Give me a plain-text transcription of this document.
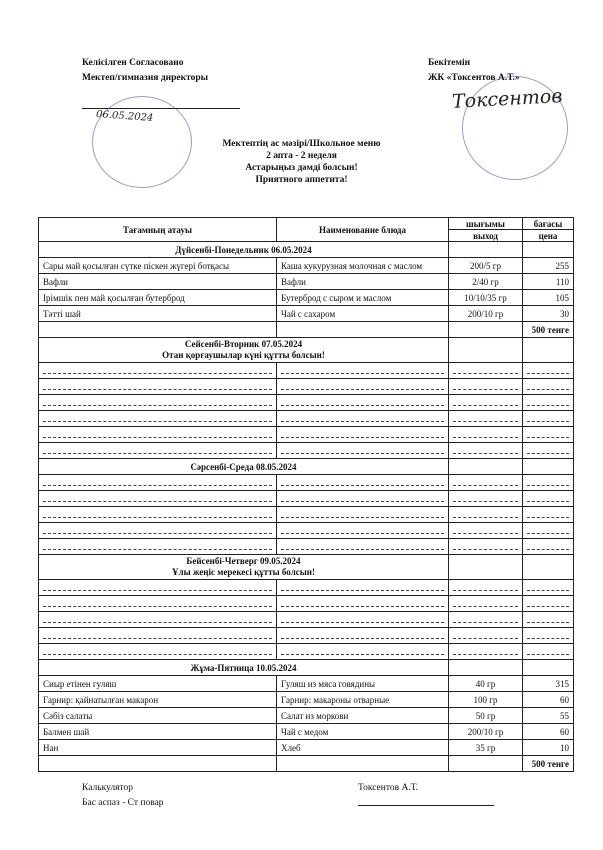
Келісілген Согласовано
Мектеп/гимназия директоры
06.05.2024
Бекітемін
ЖК «Токсентов А.Т.»
Токсентов
Мектептің ас мәзірі/Школьное меню
2 апта - 2 неделя
Астарыңыз дәмді болсын!
Приятного аппетита!
Тағамның атауы	Наименование блюда	шығымы	бағасы
		выход	цена
Дүйсенбі-Понедельник 06.05.2024			
Сары май қосылған сүтке піскен жүгері ботқасы	Каша кукурузная молочная с маслом	200/5 гр	255
Вафли	Вафли	2/40 гр	110
Ірімшік пен май қосылған бутерброд	Бутерброд с сыром и маслом	10/10/35 гр	105
Тәтті шай	Чай с сахаром	200/10 гр	30
			500 тенге

Сейсенбі-Вторник 07.05.2024
Отан қорғаушылар күні құтты болсын!			

Сәрсенбі-Среда 08.05.2024			

Бейсенбі-Четверг 09.05.2024
Ұлы жеңіс мерекесі құтты болсын!			

Жұма-Пятница 10.05.2024			
Сиыр етінен гуляш	Гуляш из мяса говядины	40 гр	315
Гарнир: қайнатылған макарон	Гарнир: макароны отварные	100 гр	60
Сәбіз салаты	Салат из моркови	50 гр	55
Балмен шай	Чай с медом	200/10 гр	60
Нан	Хлеб	35 гр	10
			500 тенге
Калькулятор
Бас аспаз - Ст повар
Токсентов А.Т.
